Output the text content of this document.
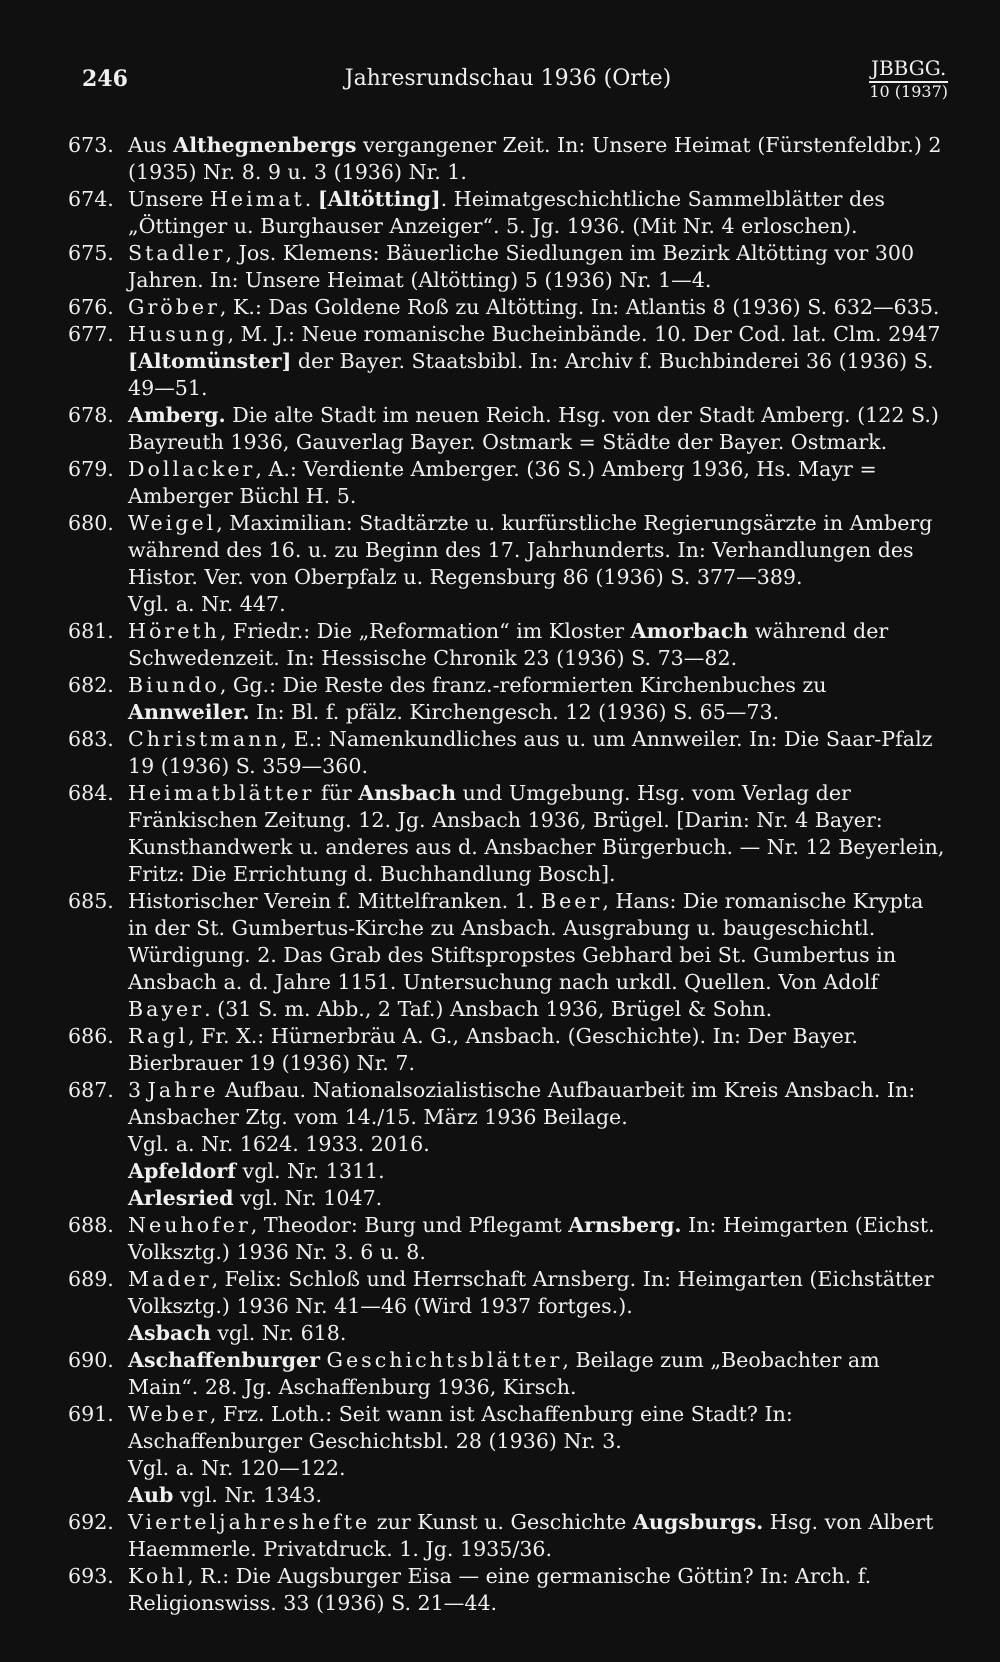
246	Jahresrundschau 1936 (Orte)	JBBGG.
10 (1937)
673. Aus Althegnenbergs vergangener Zeit. In: Unsere Heimat (Fürstenfeldbr.) 2 (1935) Nr. 8. 9 u. 3 (1936) Nr. 1.
674. Unsere Heimat. [Altötting]. Heimatgeschichtliche Sammelblätter des „Öttinger u. Burghauser Anzeiger“. 5. Jg. 1936. (Mit Nr. 4 erloschen).
675. Stadler, Jos. Klemens: Bäuerliche Siedlungen im Bezirk Altötting vor 300 Jahren. In: Unsere Heimat (Altötting) 5 (1936) Nr. 1—4.
676. Gröber, K.: Das Goldene Roß zu Altötting. In: Atlantis 8 (1936) S. 632—635.
677. Husung, M. J.: Neue romanische Bucheinbände. 10. Der Cod. lat. Clm. 2947 [Altomünster] der Bayer. Staatsbibl. In: Archiv f. Buchbinderei 36 (1936) S. 49—51.
678. Amberg. Die alte Stadt im neuen Reich. Hsg. von der Stadt Amberg. (122 S.) Bayreuth 1936, Gauverlag Bayer. Ostmark = Städte der Bayer. Ostmark.
679. Dollacker, A.: Verdiente Amberger. (36 S.) Amberg 1936, Hs. Mayr = Amberger Büchl H. 5.
680. Weigel, Maximilian: Stadtärzte u. kurfürstliche Regierungsärzte in Amberg während des 16. u. zu Beginn des 17. Jahrhunderts. In: Verhandlungen des Histor. Ver. von Oberpfalz u. Regensburg 86 (1936) S. 377—389.
Vgl. a. Nr. 447.
681. Höreth, Friedr.: Die „Reformation“ im Kloster Amorbach während der Schwedenzeit. In: Hessische Chronik 23 (1936) S. 73—82.
682. Biundo, Gg.: Die Reste des franz.-reformierten Kirchenbuches zu Annweiler. In: Bl. f. pfälz. Kirchengesch. 12 (1936) S. 65—73.
683. Christmann, E.: Namenkundliches aus u. um Annweiler. In: Die Saar-Pfalz 19 (1936) S. 359—360.
684. Heimatblätter für Ansbach und Umgebung. Hsg. vom Verlag der Fränkischen Zeitung. 12. Jg. Ansbach 1936, Brügel. [Darin: Nr. 4 Bayer: Kunsthandwerk u. anderes aus d. Ansbacher Bürgerbuch. — Nr. 12 Beyerlein, Fritz: Die Errichtung d. Buchhandlung Bosch].
685. Historischer Verein f. Mittelfranken. 1. Beer, Hans: Die romanische Krypta in der St. Gumbertus-Kirche zu Ansbach. Ausgrabung u. baugeschichtl. Würdigung. 2. Das Grab des Stiftspropstes Gebhard bei St. Gumbertus in Ansbach a. d. Jahre 1151. Untersuchung nach urkdl. Quellen. Von Adolf Bayer. (31 S. m. Abb., 2 Taf.) Ansbach 1936, Brügel & Sohn.
686. Ragl, Fr. X.: Hürnerbräu A. G., Ansbach. (Geschichte). In: Der Bayer. Bierbrauer 19 (1936) Nr. 7.
687. 3 Jahre Aufbau. Nationalsozialistische Aufbauarbeit im Kreis Ansbach. In: Ansbacher Ztg. vom 14./15. März 1936 Beilage.
Vgl. a. Nr. 1624. 1933. 2016.
Apfeldorf vgl. Nr. 1311.
Arlesried vgl. Nr. 1047.
688. Neuhofer, Theodor: Burg und Pflegamt Arnsberg. In: Heimgarten (Eichst. Volksztg.) 1936 Nr. 3. 6 u. 8.
689. Mader, Felix: Schloß und Herrschaft Arnsberg. In: Heimgarten (Eichstätter Volksztg.) 1936 Nr. 41—46 (Wird 1937 fortges.).
Asbach vgl. Nr. 618.
690. Aschaffenburger Geschichtsblätter, Beilage zum „Beobachter am Main“. 28. Jg. Aschaffenburg 1936, Kirsch.
691. Weber, Frz. Loth.: Seit wann ist Aschaffenburg eine Stadt? In: Aschaffenburger Geschichtsbl. 28 (1936) Nr. 3.
Vgl. a. Nr. 120—122.
Aub vgl. Nr. 1343.
692. Vierteljahreshefte zur Kunst u. Geschichte Augsburgs. Hsg. von Albert Haemmerle. Privatdruck. 1. Jg. 1935/36.
693. Kohl, R.: Die Augsburger Eisa — eine germanische Göttin? In: Arch. f. Religionswiss. 33 (1936) S. 21—44.
